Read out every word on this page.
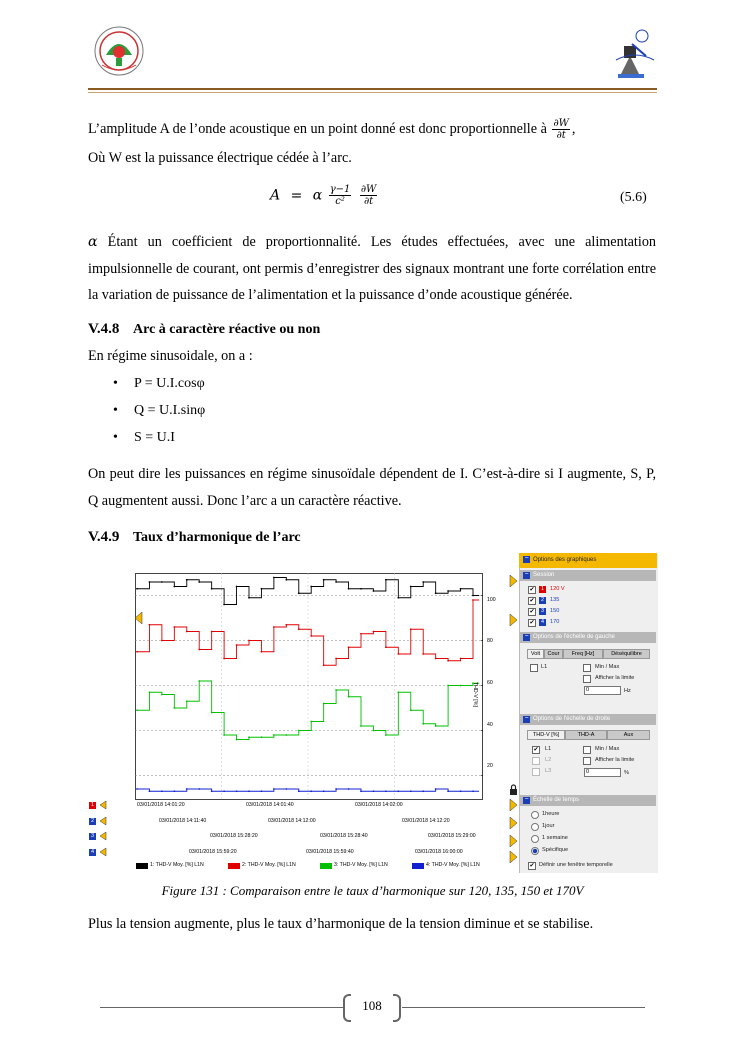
L’amplitude A de l’onde acoustique en un point donné est donc proportionnelle à $\frac{\partial W}{\partial t}$ ,
Où W est la puissance électrique cédée à l’arc.
A = α $\frac{\gamma-1}{\text{c²}}$
$\frac{\partial W}{\partial t}$	(5.6)
α Étant un coefficient de proportionnalité. Les études effectuées, avec une alimentation impulsionnelle de courant, ont permis d’enregistrer des signaux montrant une forte corrélation entre la variation de puissance de l’alimentation et la puissance d’onde acoustique générée.
V.4.8 Arc à caractère réactive ou non
En régime sinusoidale, on a :
• P = U.I.cosφ
• Q = U.I.sinφ
• S = U.I
On peut dire les puissances en régime sinusoïdale dépendent de I. C’est-à-dire si I augmente, S, P, Q augmentent aussi. Donc l’arc a un caractère réactive.
V.4.9 Taux d’harmonique de l’arc
THD-V [%]
100
80
60
40
20
1	03/01/2018 14:01:20	03/01/2018 14:01:40	03/01/2018 14:02:00
2	03/01/2018 14:11:40	03/01/2018 14:12:00	03/01/2018 14:12:20
3	03/01/2018 15:28:20	03/01/2018 15:28:40	03/01/2018 15:29:00
4	03/01/2018 15:59:20	03/01/2018 15:59:40	03/01/2018 16:00:00
1: THD-V Moy. [%] L1N	2: THD-V Moy. [%] L1N	3: THD-V Moy. [%] L1N	4: THD-V Moy. [%] L1N
− Options des graphiques
− Session
✔	1	120 V
✔	2	135
✔	3	150
✔	4	170
− Options de l'échelle de gauche
Volt	Cour	Freq [Hz]	Déséquilibre
L1	Min / Max
Afficher la limite
0	Hz
− Options de l'échelle de droite
THD-V [%]	THD-A	Aux
✔ L1
L2
L3
Min / Max
Afficher la limite
0	%
− Échelle de temps
1heure
1jour
1 semaine
Spécifique
✔ Définir une fenêtre temporelle
Figure 131 : Comparaison entre le taux d’harmonique sur 120, 135, 150 et 170V
Plus la tension augmente, plus le taux d’harmonique de la tension diminue et se stabilise.
108
